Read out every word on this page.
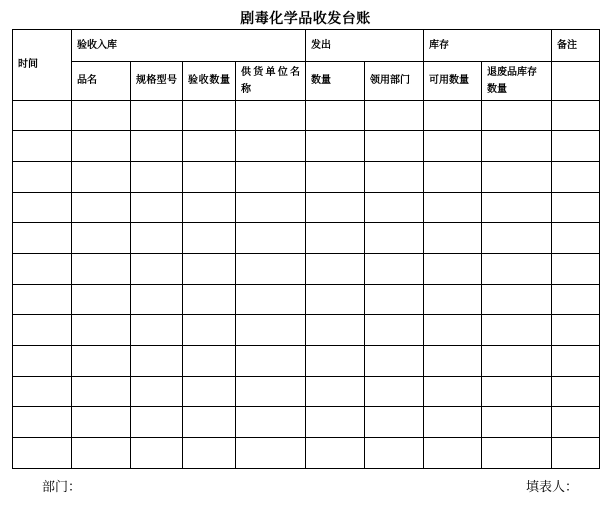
剧毒化学品收发台账
时间	验收入库				发出		库存		备注
	品名	规格型号	验收数量	供货单位名称	数量	领用部门	可用数量	退废品库存数量	

部门：	填表人：
